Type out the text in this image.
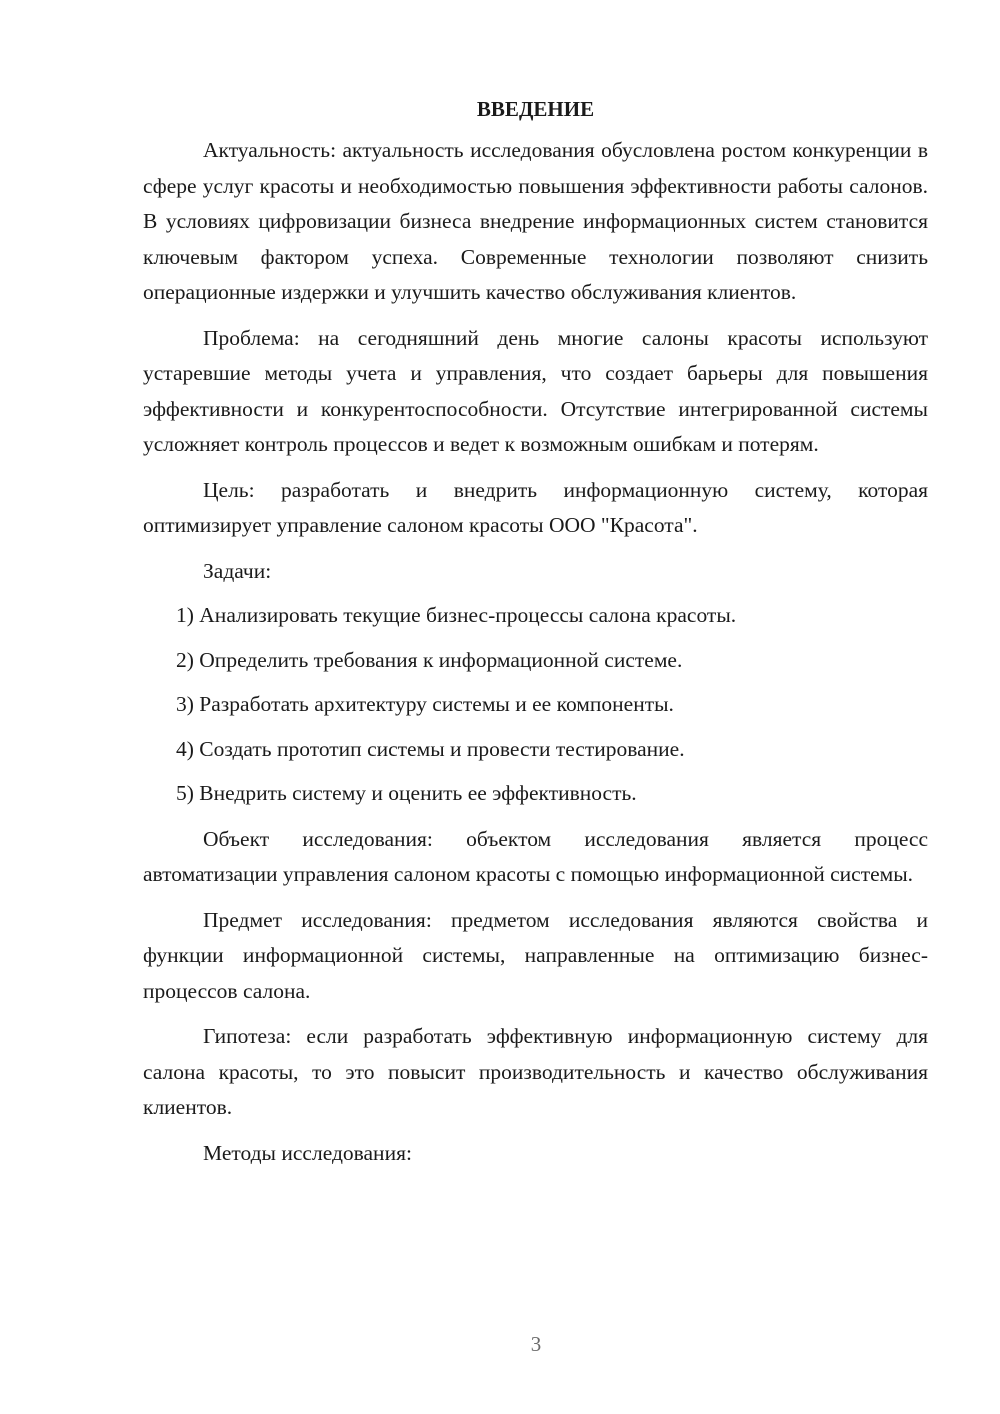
ВВЕДЕНИЕ

Актуальность: актуальность исследования обусловлена ростом конкуренции в сфере услуг красоты и необходимостью повышения эффективности работы салонов. В условиях цифровизации бизнеса внедрение информационных систем становится ключевым фактором успеха. Современные технологии позволяют снизить операционные издержки и улучшить качество обслуживания клиентов.

Проблема: на сегодняшний день многие салоны красоты используют устаревшие методы учета и управления, что создает барьеры для повышения эффективности и конкурентоспособности. Отсутствие интегрированной системы усложняет контроль процессов и ведет к возможным ошибкам и потерям.

Цель: разработать и внедрить информационную систему, которая оптимизирует управление салоном красоты ООО "Красота".

Задачи:

1) Анализировать текущие бизнес-процессы салона красоты.
2) Определить требования к информационной системе.
3) Разработать архитектуру системы и ее компоненты.
4) Создать прототип системы и провести тестирование.
5) Внедрить систему и оценить ее эффективность.

Объект исследования: объектом исследования является процесс автоматизации управления салоном красоты с помощью информационной системы.

Предмет исследования: предметом исследования являются свойства и функции информационной системы, направленные на оптимизацию бизнес-процессов салона.

Гипотеза: если разработать эффективную информационную систему для салона красоты, то это повысит производительность и качество обслуживания клиентов.

Методы исследования:

3
